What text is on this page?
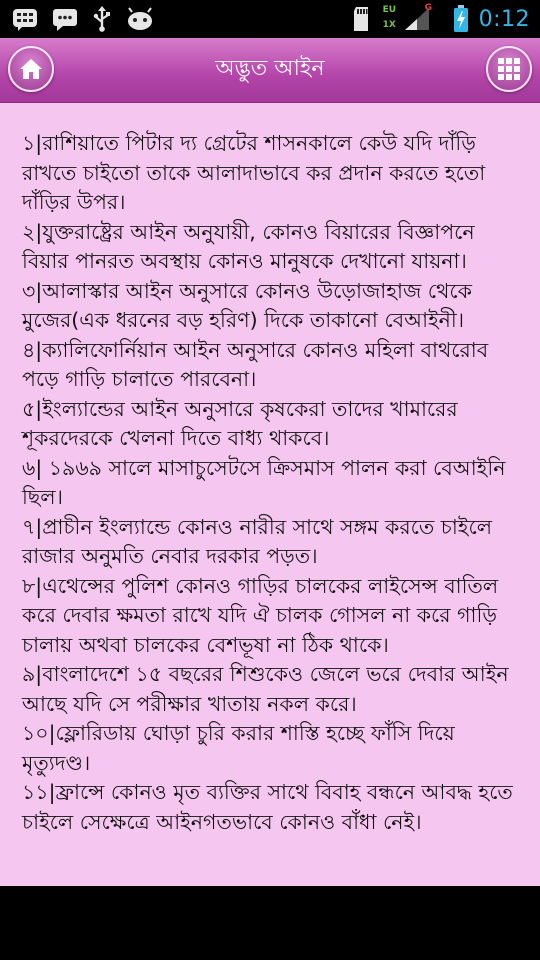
EU
1X
G 0:12
অদ্ভুত আইন
১|রাশিয়াতে পিটার দ্য গ্রেটের শাসনকালে কেউ যদি দাঁড়ি রাখতে চাইতো তাকে আলাদাভাবে কর প্রদান করতে হতো দাঁড়ির উপর।
২|যুক্তরাষ্ট্রের আইন অনুযায়ী, কোনও বিয়ারের বিজ্ঞাপনে বিয়ার পানরত অবস্থায় কোনও মানুষকে দেখানো যায়না।
৩|আলাস্কার আইন অনুসারে কোনও উড়োজাহাজ থেকে মুজের(এক ধরনের বড় হরিণ) দিকে তাকানো বেআইনী।
৪|ক্যালিফোর্নিয়ান আইন অনুসারে কোনও মহিলা বাথরোব পড়ে গাড়ি চালাতে পারবেনা।
৫|ইংল্যান্ডের আইন অনুসারে কৃষকেরা তাদের খামারের শূকরদেরকে খেলনা দিতে বাধ্য থাকবে।
৬| ১৯৬৯ সালে মাসাচুসেটসে ক্রিসমাস পালন করা বেআইনি ছিল।
৭|প্রাচীন ইংল্যান্ডে কোনও নারীর সাথে সঙ্গম করতে চাইলে রাজার অনুমতি নেবার দরকার পড়ত।
৮|এথেন্সের পুলিশ কোনও গাড়ির চালকের লাইসেন্স বাতিল করে দেবার ক্ষমতা রাখে যদি ঐ চালক গোসল না করে গাড়ি চালায় অথবা চালকের বেশভূষা না ঠিক থাকে।
৯|বাংলাদেশে ১৫ বছরের শিশুকেও জেলে ভরে দেবার আইন আছে যদি সে পরীক্ষার খাতায় নকল করে।
১০|ফ্লোরিডায় ঘোড়া চুরি করার শাস্তি হচ্ছে ফাঁসি দিয়ে মৃত্যুদণ্ড।
১১|ফ্রান্সে কোনও মৃত ব্যক্তির সাথে বিবাহ বন্ধনে আবদ্ধ হতে চাইলে সেক্ষেত্রে আইনগতভাবে কোনও বাঁধা নেই।
